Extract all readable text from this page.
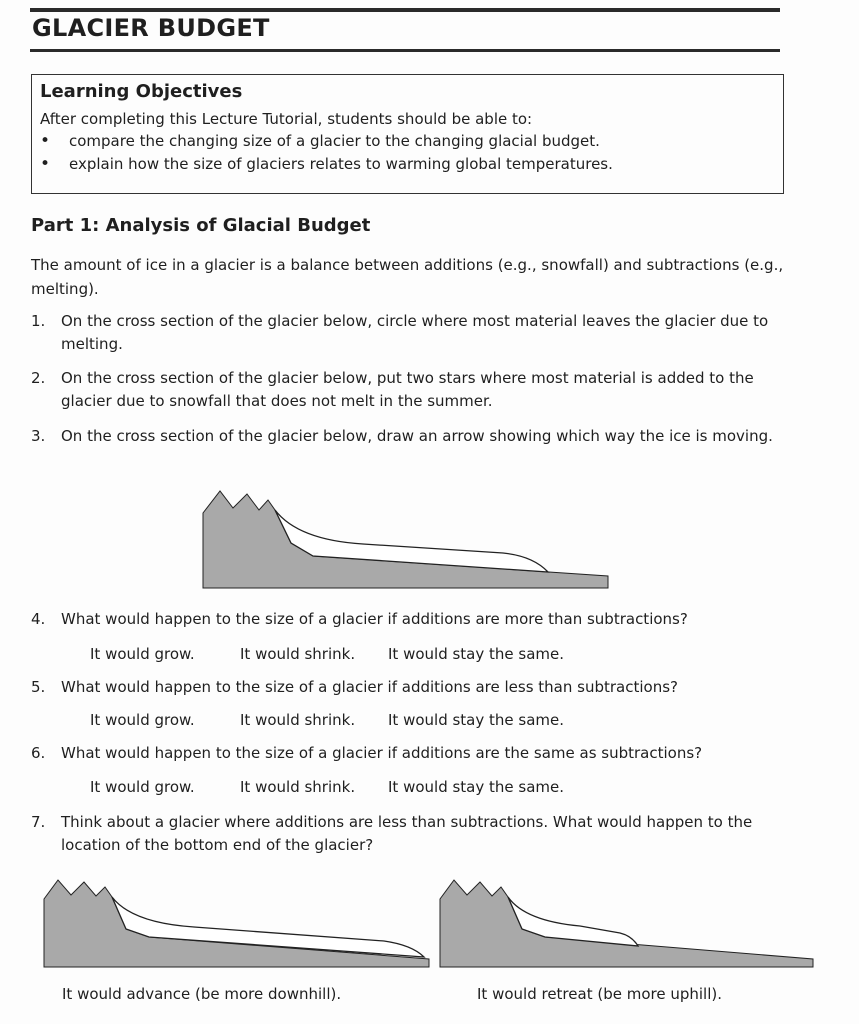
GLACIER BUDGET
Learning Objectives
After completing this Lecture Tutorial, students should be able to:
• compare the changing size of a glacier to the changing glacial budget.
• explain how the size of glaciers relates to warming global temperatures.
Part 1: Analysis of Glacial Budget
The amount of ice in a glacier is a balance between additions (e.g., snowfall) and subtractions (e.g., melting).
1.	On the cross section of the glacier below, circle where most material leaves the glacier due to melting.
2.	On the cross section of the glacier below, put two stars where most material is added to the glacier due to snowfall that does not melt in the summer.
3.	On the cross section of the glacier below, draw an arrow showing which way the ice is moving.
4.	What would happen to the size of a glacier if additions are more than subtractions?
It would grow.	It would shrink. It would stay the same.
5.	What would happen to the size of a glacier if additions are less than subtractions?
It would grow.	It would shrink. It would stay the same.
6.	What would happen to the size of a glacier if additions are the same as subtractions?
It would grow.	It would shrink. It would stay the same.
7.	Think about a glacier where additions are less than subtractions. What would happen to the location of the bottom end of the glacier?
It would advance (be more downhill).	It would retreat (be more uphill).
